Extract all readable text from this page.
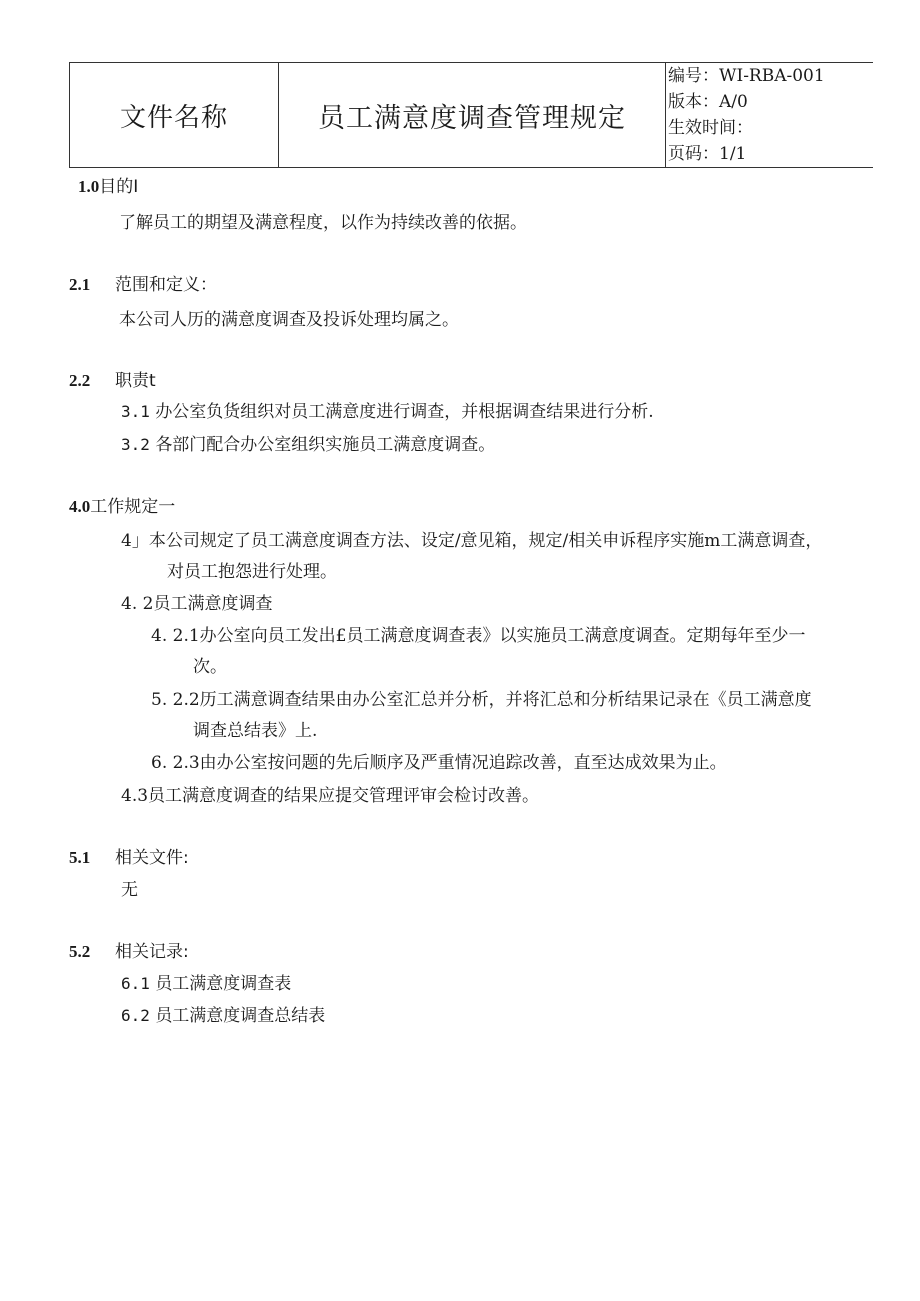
文件名称	员工满意度调查管理规定	
编号：WI-RBA-001
版本：A/0
生效时间：
页码：1/1
1.0目的I
了解员工的期望及满意程度，以作为持续改善的依据。
2.1 范围和定义：
本公司人历的满意度调查及投诉处理均属之。
2.2 职责t
3.1 办公室负货组织对员工满意度进行调查，并根据调查结果进行分析.
3.2 各部门配合办公室组织实施员工满意度调查。
4.0工作规定一
4」本公司规定了员工满意度调查方法、设定/意见箱，规定/相关申诉程序实施m工满意调查，
对员工抱怨进行处理。
4. 2员工满意度调查
4. 2.1办公室向员工发出£员工满意度调查表》以实施员工满意度调查。定期每年至少一
次。
5. 2.2历工满意调查结果由办公室汇总并分析，并将汇总和分析结果记录在《员工满意度
调查总结表》上.
6. 2.3由办公室按问题的先后顺序及严重情况追踪改善，直至达成效果为止。
4.3员工满意度调查的结果应提交管理评审会检讨改善。
5.1 相关文件:
无
5.2 相关记录:
6.1 员工满意度调查表
6.2 员工满意度调查总结表
